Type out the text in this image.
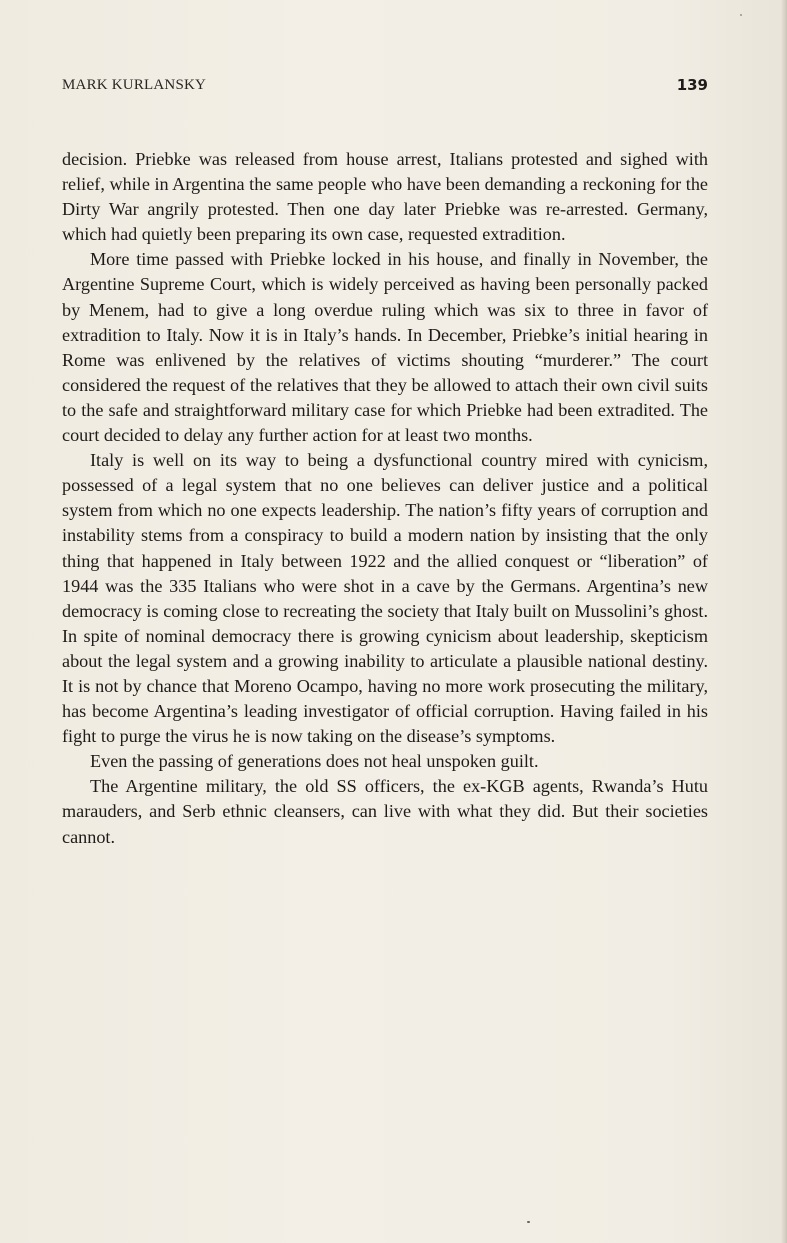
MARK KURLANSKY	139

decision. Priebke was released from house arrest, Italians protested and sighed with relief, while in Argentina the same people who have been demanding a reckoning for the Dirty War angrily protested. Then one day later Priebke was re-arrested. Germany, which had quietly been preparing its own case, requested extradition.

More time passed with Priebke locked in his house, and finally in November, the Argentine Supreme Court, which is widely perceived as having been personally packed by Menem, had to give a long overdue ruling which was six to three in favor of extradition to Italy. Now it is in Italy’s hands. In December, Priebke’s initial hearing in Rome was enlivened by the relatives of victims shouting “murderer.” The court considered the request of the relatives that they be allowed to attach their own civil suits to the safe and straightforward military case for which Priebke had been extradited. The court decided to delay any further action for at least two months.

Italy is well on its way to being a dysfunctional country mired with cynicism, possessed of a legal system that no one believes can deliver justice and a political system from which no one expects leadership. The nation’s fifty years of corruption and instability stems from a conspiracy to build a modern nation by insisting that the only thing that happened in Italy between 1922 and the allied conquest or “liberation” of 1944 was the 335 Italians who were shot in a cave by the Germans. Argentina’s new democracy is coming close to recreating the society that Italy built on Mussolini’s ghost. In spite of nominal democracy there is growing cynicism about leadership, skepticism about the legal system and a growing inability to articulate a plausible national destiny. It is not by chance that Moreno Ocampo, having no more work prosecuting the military, has become Argentina’s leading investigator of official corruption. Having failed in his fight to purge the virus he is now taking on the disease’s symptoms.

Even the passing of generations does not heal unspoken guilt.

The Argentine military, the old SS officers, the ex-KGB agents, Rwanda’s Hutu marauders, and Serb ethnic cleansers, can live with what they did. But their societies cannot.
